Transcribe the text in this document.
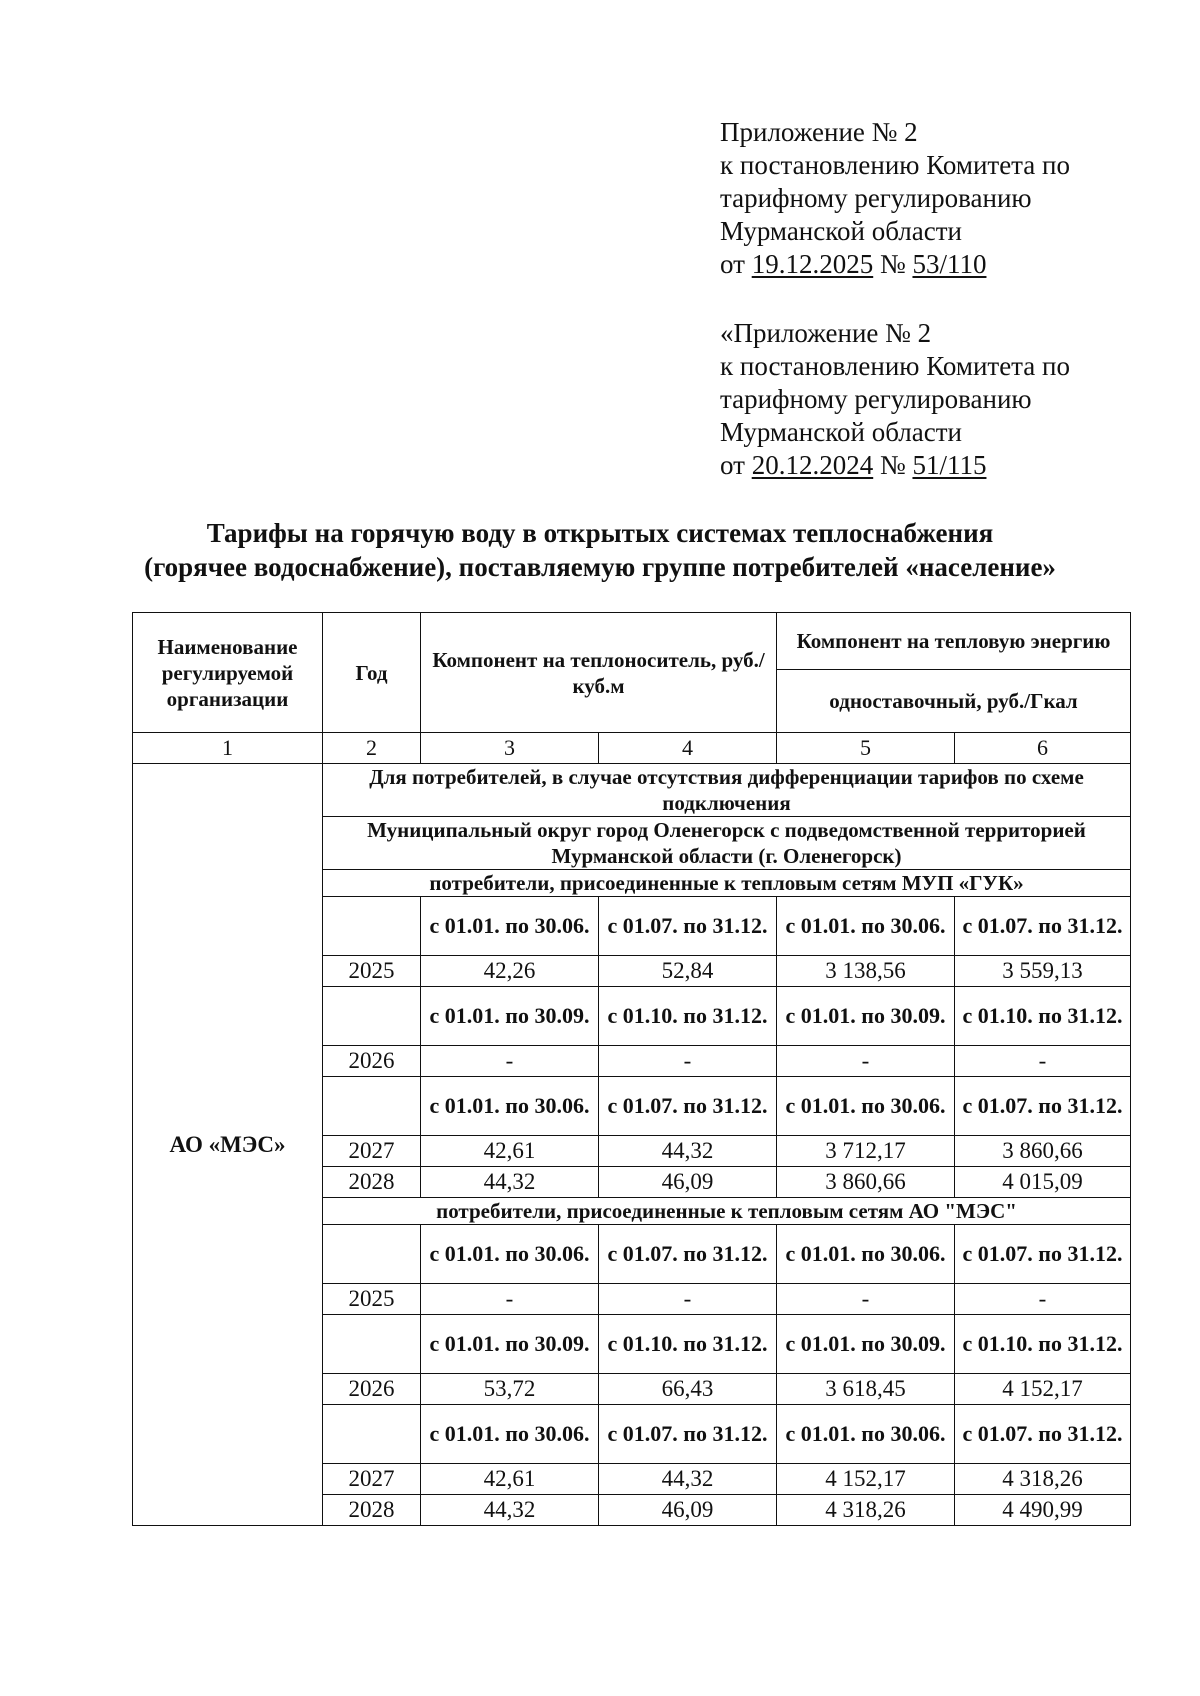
Приложение № 2
к постановлению Комитета по
тарифному регулированию
Мурманской области
от 19.12.2025 № 53/110
«Приложение № 2
к постановлению Комитета по
тарифному регулированию
Мурманской области
от 20.12.2024 № 51/115
Тарифы на горячую воду в открытых системах теплоснабжения
(горячее водоснабжение), поставляемую группе потребителей «население»
Наименование регулируемой организации	Год	Компонент на теплоноситель, руб./куб.м		Компонент на тепловую энергию	
				одноставочный, руб./Гкал	
1	2	3	4	5	6
АО «МЭС»	Для потребителей, в случае отсутствия дифференциации тарифов по схеме подключения				
	Муниципальный округ город Оленегорск с подведомственной территорией Мурманской области (г. Оленегорск)				
	потребители, присоединенные к тепловым сетям МУП «ГУК»				
		с 01.01. по 30.06.	с 01.07. по 31.12.	с 01.01. по 30.06.	с 01.07. по 31.12.
	2025	42,26	52,84	3 138,56	3 559,13
		с 01.01. по 30.09.	с 01.10. по 31.12.	с 01.01. по 30.09.	с 01.10. по 31.12.
	2026	-	-	-	-
		с 01.01. по 30.06.	с 01.07. по 31.12.	с 01.01. по 30.06.	с 01.07. по 31.12.
	2027	42,61	44,32	3 712,17	3 860,66
	2028	44,32	46,09	3 860,66	4 015,09
	потребители, присоединенные к тепловым сетям АО "МЭС"				
		с 01.01. по 30.06.	с 01.07. по 31.12.	с 01.01. по 30.06.	с 01.07. по 31.12.
	2025	-	-	-	-
		с 01.01. по 30.09.	с 01.10. по 31.12.	с 01.01. по 30.09.	с 01.10. по 31.12.
	2026	53,72	66,43	3 618,45	4 152,17
		с 01.01. по 30.06.	с 01.07. по 31.12.	с 01.01. по 30.06.	с 01.07. по 31.12.
	2027	42,61	44,32	4 152,17	4 318,26
	2028	44,32	46,09	4 318,26	4 490,99
